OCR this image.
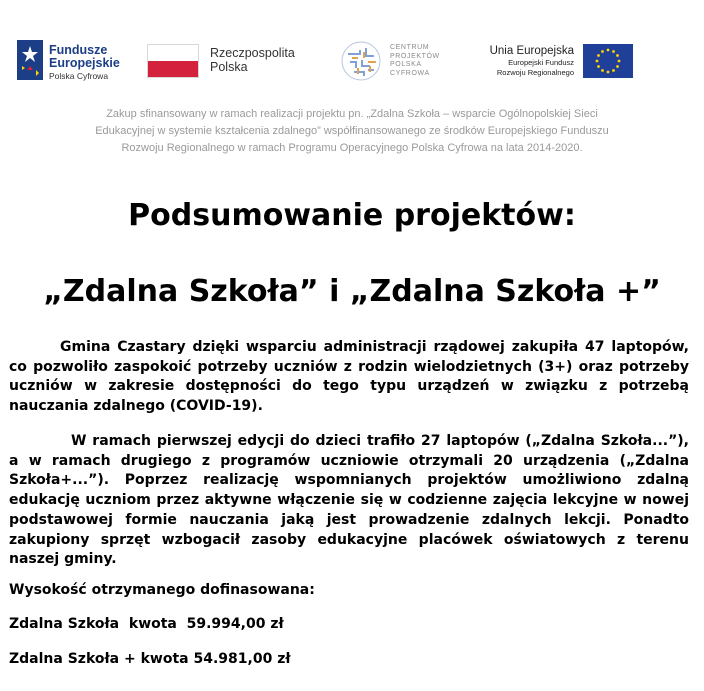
Fundusze
Europejskie
Polska Cyfrowa
Rzeczpospolita
Polska
CENTRUM
PROJEKTÓW
POLSKA
CYFROWA
Unia Europejska
Europejski Fundusz
Rozwoju Regionalnego
Zakup sfinansowany w ramach realizacji projektu pn. „Zdalna Szkoła – wsparcie Ogólnopolskiej Sieci
Edukacyjnej w systemie kształcenia zdalnego” współfinansowanego ze środków Europejskiego Funduszu
Rozwoju Regionalnego w ramach Programu Operacyjnego Polska Cyfrowa na lata 2014-2020.
Podsumowanie projektów:
„Zdalna Szkoła” i „Zdalna Szkoła +”

Gmina Czastary dzięki wsparciu administracji rządowej zakupiła 47 laptopów, co pozwoliło zaspokoić potrzeby uczniów z rodzin wielodzietnych (3+) oraz potrzeby uczniów w zakresie dostępności do tego typu urządzeń w związku z potrzebą nauczania zdalnego (COVID-19).

W ramach pierwszej edycji do dzieci trafiło 27 laptopów („Zdalna Szkoła...”), a w ramach drugiego z programów uczniowie otrzymali 20 urządzenia („Zdalna Szkoła+...”). Poprzez realizację wspomnianych projektów umożliwiono zdalną edukację uczniom przez aktywne włączenie się w codzienne zajęcia lekcyjne w nowej podstawowej formie nauczania jaką jest prowadzenie zdalnych lekcji. Ponadto zakupiony sprzęt wzbogacił zasoby edukacyjne placówek oświatowych z terenu naszej gminy.

Wysokość otrzymanego dofinasowana:
Zdalna Szkoła  kwota  59.994,00 zł
Zdalna Szkoła + kwota 54.981,00 zł
